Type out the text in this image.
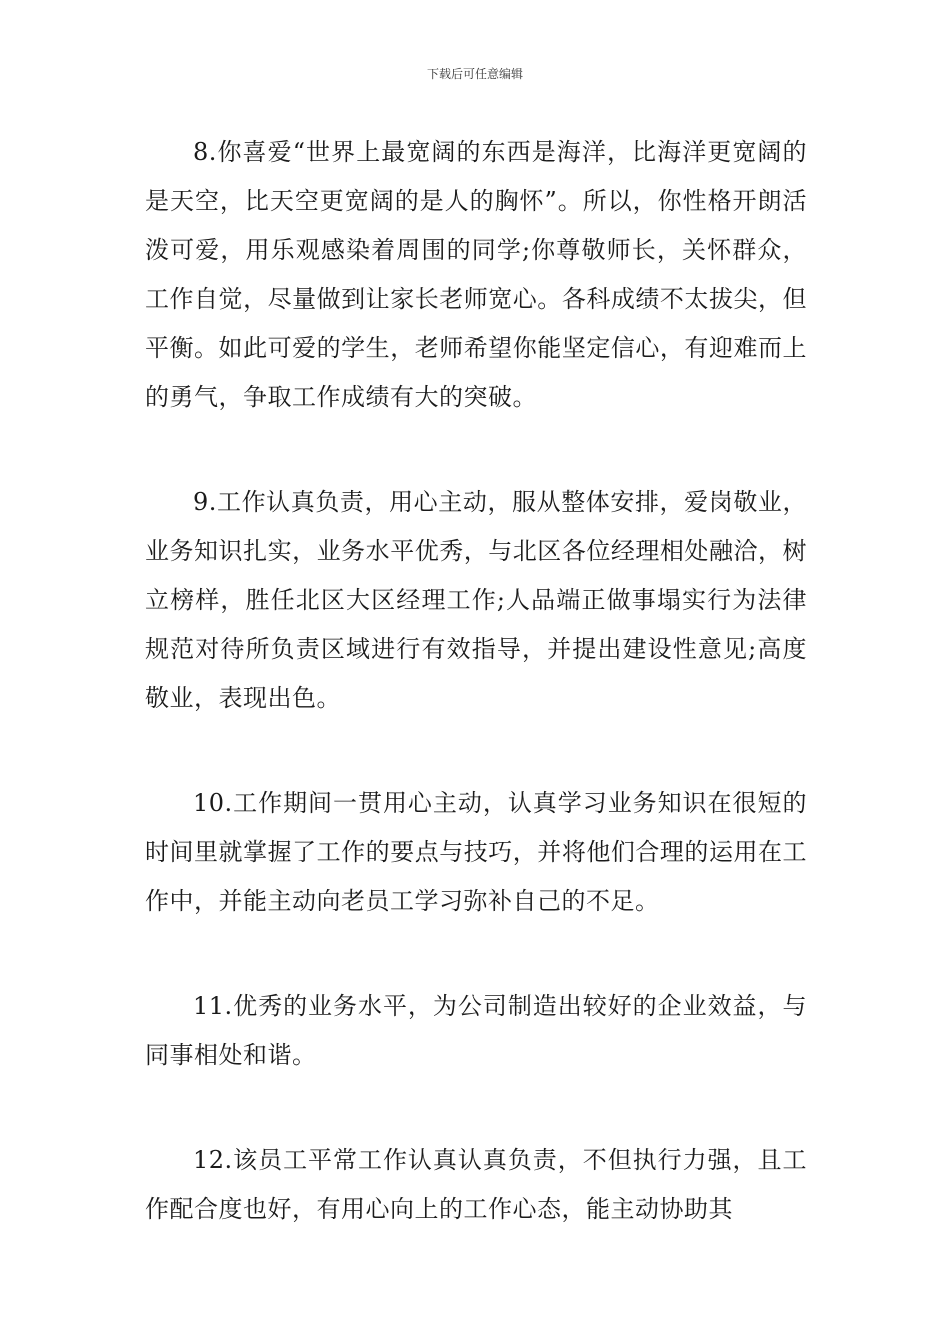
下载后可任意编辑

8.你喜爱“世界上最宽阔的东西是海洋，比海洋更宽阔的是天空，比天空更宽阔的是人的胸怀”。所以，你性格开朗活泼可爱，用乐观感染着周围的同学;你尊敬师长，关怀群众，工作自觉，尽量做到让家长老师宽心。各科成绩不太拔尖，但平衡。如此可爱的学生，老师希望你能坚定信心，有迎难而上的勇气，争取工作成绩有大的突破。

9.工作认真负责，用心主动，服从整体安排，爱岗敬业，业务知识扎实，业务水平优秀，与北区各位经理相处融洽，树立榜样，胜任北区大区经理工作;人品端正做事塌实行为法律规范对待所负责区域进行有效指导，并提出建设性意见;高度敬业，表现出色。

10.工作期间一贯用心主动，认真学习业务知识在很短的时间里就掌握了工作的要点与技巧，并将他们合理的运用在工作中，并能主动向老员工学习弥补自己的不足。

11.优秀的业务水平，为公司制造出较好的企业效益，与同事相处和谐。

12.该员工平常工作认真认真负责，不但执行力强，且工作配合度也好，有用心向上的工作心态，能主动协助其
